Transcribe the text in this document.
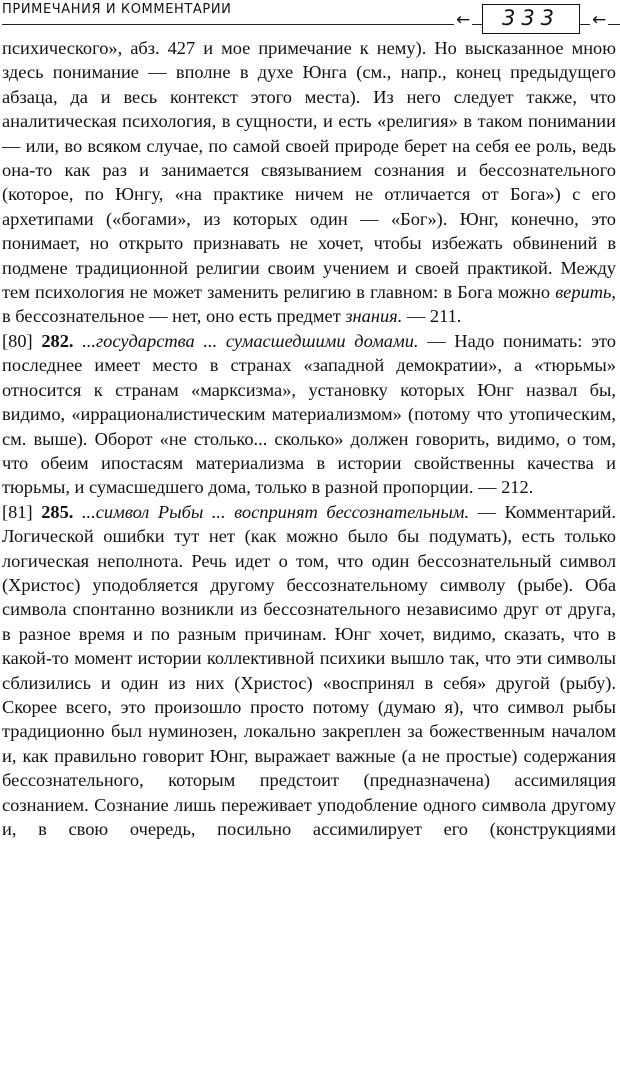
ПРИМЕЧАНИЯ И КОММЕНТАРИИ
←	333	←

психического», абз. 427 и мое примечание к нему). Но высказанное мною здесь понимание — вполне в духе Юнга (см., напр., конец предыдущего абзаца, да и весь контекст этого места). Из него следует также, что аналитическая психология, в сущности, и есть «религия» в таком понимании — или, во всяком случае, по самой своей природе берет на себя ее роль, ведь она-то как раз и занимается связыванием сознания и бессознательного (которое, по Юнгу, «на практике ничем не отличается от Бога») с его архетипами («богами», из которых один — «Бог»). Юнг, конечно, это понимает, но открыто признавать не хочет, чтобы избежать обвинений в подмене традиционной религии своим учением и своей практикой. Между тем психология не может заменить религию в главном: в Бога можно верить, в бессознательное — нет, оно есть предмет знания. — 211.

[80] 282. ...государства ... сумасшедшими домами. — Надо понимать: это последнее имеет место в странах «западной демократии», а «тюрьмы» относится к странам «марксизма», установку которых Юнг назвал бы, видимо, «иррационалистическим материализмом» (потому что утопическим, см. выше). Оборот «не столько... сколько» должен говорить, видимо, о том, что обеим ипостасям материализма в истории свойственны качества и тюрьмы, и сумасшедшего дома, только в разной пропорции. — 212.

[81] 285. ...символ Рыбы ... воспринят бессознательным. — Комментарий. Логической ошибки тут нет (как можно было бы подумать), есть только логическая неполнота. Речь идет о том, что один бессознательный символ (Христос) уподобляется другому бессознательному символу (рыбе). Оба символа спонтанно возникли из бессознательного независимо друг от друга, в разное время и по разным причинам. Юнг хочет, видимо, сказать, что в какой-то момент истории коллективной психики вышло так, что эти символы сблизились и один из них (Христос) «воспринял в себя» другой (рыбу). Скорее всего, это произошло просто потому (думаю я), что символ рыбы традиционно был нуминозен, локально закреплен за божественным началом и, как правильно говорит Юнг, выражает важные (а не простые) содержания бессознательного, которым предстоит (предназначена) ассимиляция сознанием. Сознание лишь переживает уподобление одного символа другому и, в свою очередь, посильно ассимилирует его (конструкциями
